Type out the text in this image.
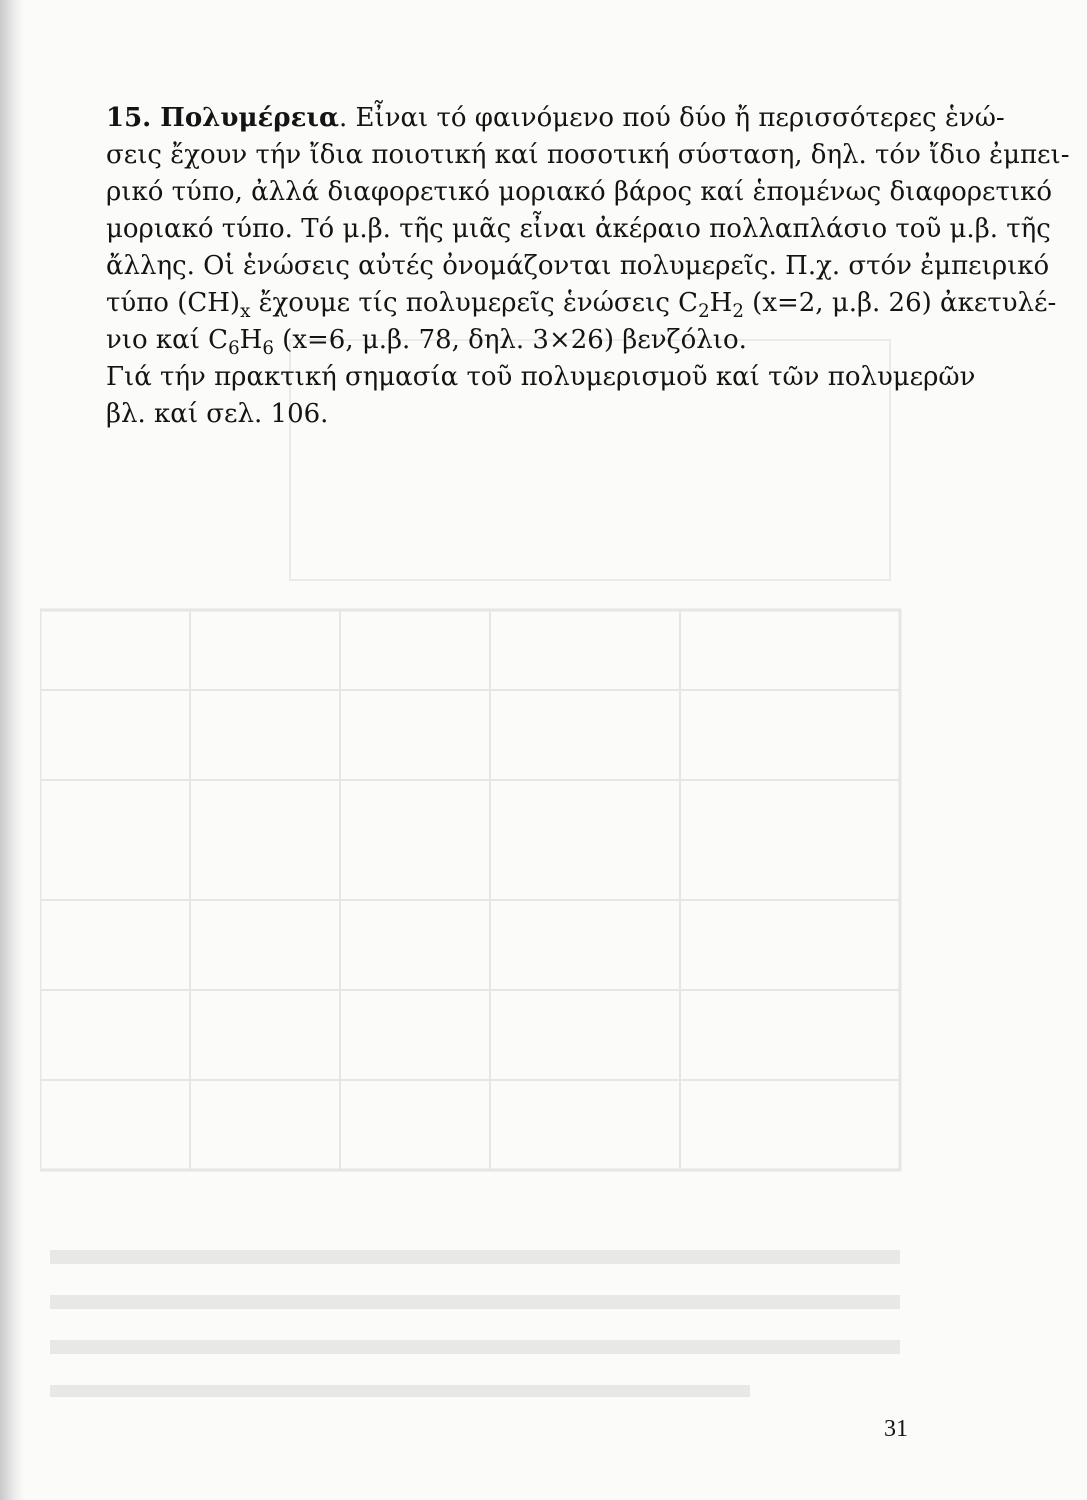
15. Πολυμέρεια. Εἶναι τό φαινόμενο πού δύο ἤ περισσότερες ἑνώ-
σεις ἔχουν τήν ἴδια ποιοτική καί ποσοτική σύσταση, δηλ. τόν ἴδιο ἐμπει-
ρικό τύπο, ἀλλά διαφορετικό μοριακό βάρος καί ἑπομένως διαφορετικό
μοριακό τύπο. Τό μ.β. τῆς μιᾶς εἶναι ἀκέραιο πολλαπλάσιο τοῦ μ.β. τῆς
ἄλλης. Οἱ ἑνώσεις αὐτές ὀνομάζονται πολυμερεῖς. Π.χ. στόν ἐμπειρικό
τύπο $(CH)_x$ ἔχουμε τίς πολυμερεῖς ἑνώσεις $C_2H_2$ (x=2, μ.β. 26) ἀκετυλέ-
νιο καί $C_6H_6$ (x=6, μ.β. 78, δηλ. 3×26) βενζόλιο.
Γιά τήν πρακτική σημασία τοῦ πολυμερισμοῦ καί τῶν πολυμερῶν
βλ. καί σελ. 106.
31
